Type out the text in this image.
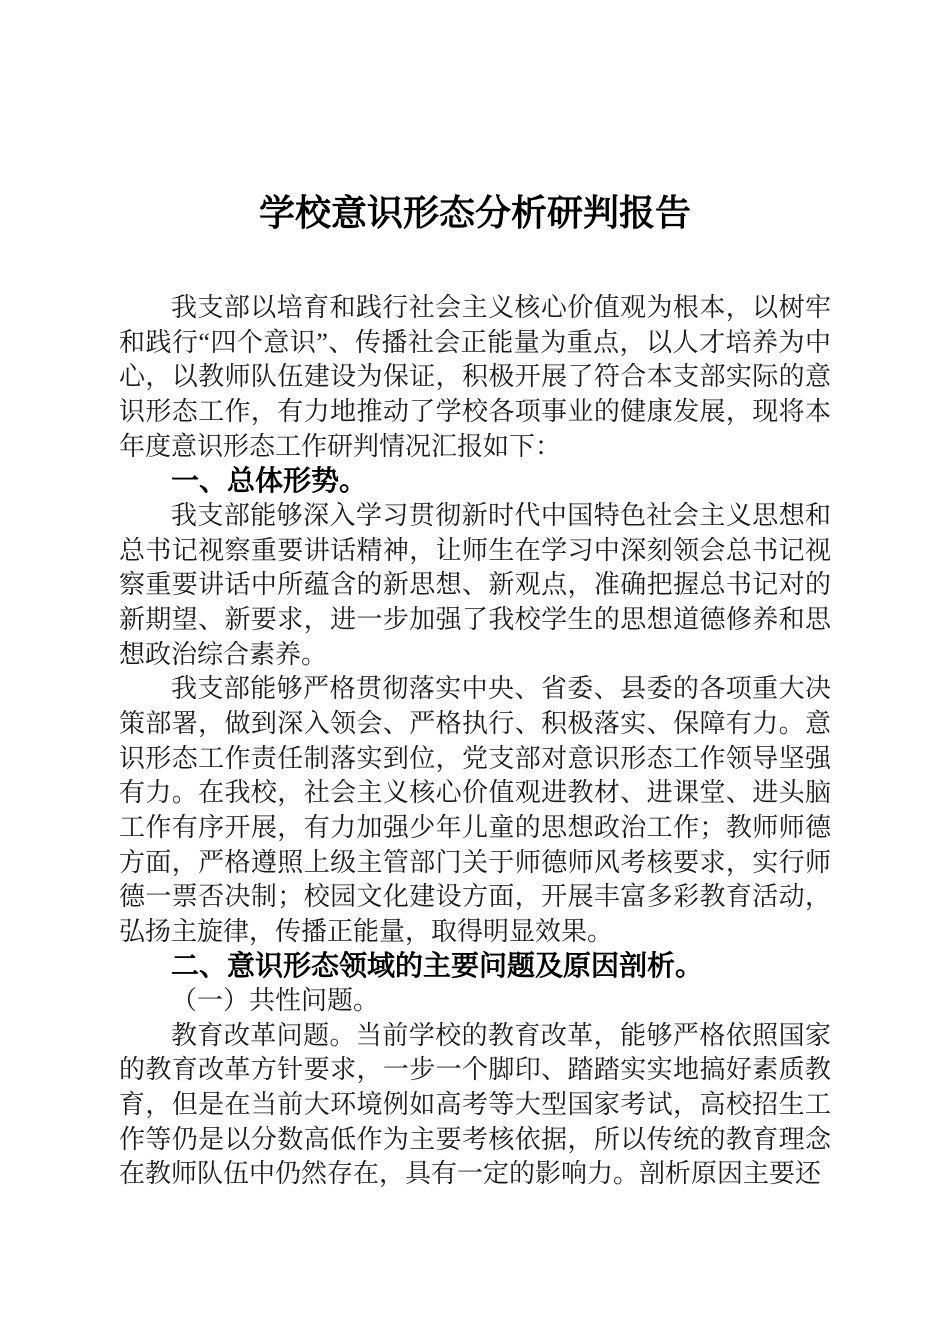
学校意识形态分析研判报告

我支部以培育和践行社会主义核心价值观为根本，以树牢和践行“四个意识”、传播社会正能量为重点，以人才培养为中心，以教师队伍建设为保证，积极开展了符合本支部实际的意识形态工作，有力地推动了学校各项事业的健康发展，现将本年度意识形态工作研判情况汇报如下：

一、总体形势。

我支部能够深入学习贯彻新时代中国特色社会主义思想和总书记视察重要讲话精神，让师生在学习中深刻领会总书记视察重要讲话中所蕴含的新思想、新观点，准确把握总书记对的新期望、新要求，进一步加强了我校学生的思想道德修养和思想政治综合素养。

我支部能够严格贯彻落实中央、省委、县委的各项重大决策部署，做到深入领会、严格执行、积极落实、保障有力。意识形态工作责任制落实到位，党支部对意识形态工作领导坚强有力。在我校，社会主义核心价值观进教材、进课堂、进头脑工作有序开展，有力加强少年儿童的思想政治工作；教师师德方面，严格遵照上级主管部门关于师德师风考核要求，实行师德一票否决制；校园文化建设方面，开展丰富多彩教育活动，弘扬主旋律，传播正能量，取得明显效果。

二、意识形态领域的主要问题及原因剖析。

（一）共性问题。

教育改革问题。当前学校的教育改革，能够严格依照国家的教育改革方针要求，一步一个脚印、踏踏实实地搞好素质教育，但是在当前大环境例如高考等大型国家考试，高校招生工作等仍是以分数高低作为主要考核依据，所以传统的教育理念在教师队伍中仍然存在，具有一定的影响力。剖析原因主要还
